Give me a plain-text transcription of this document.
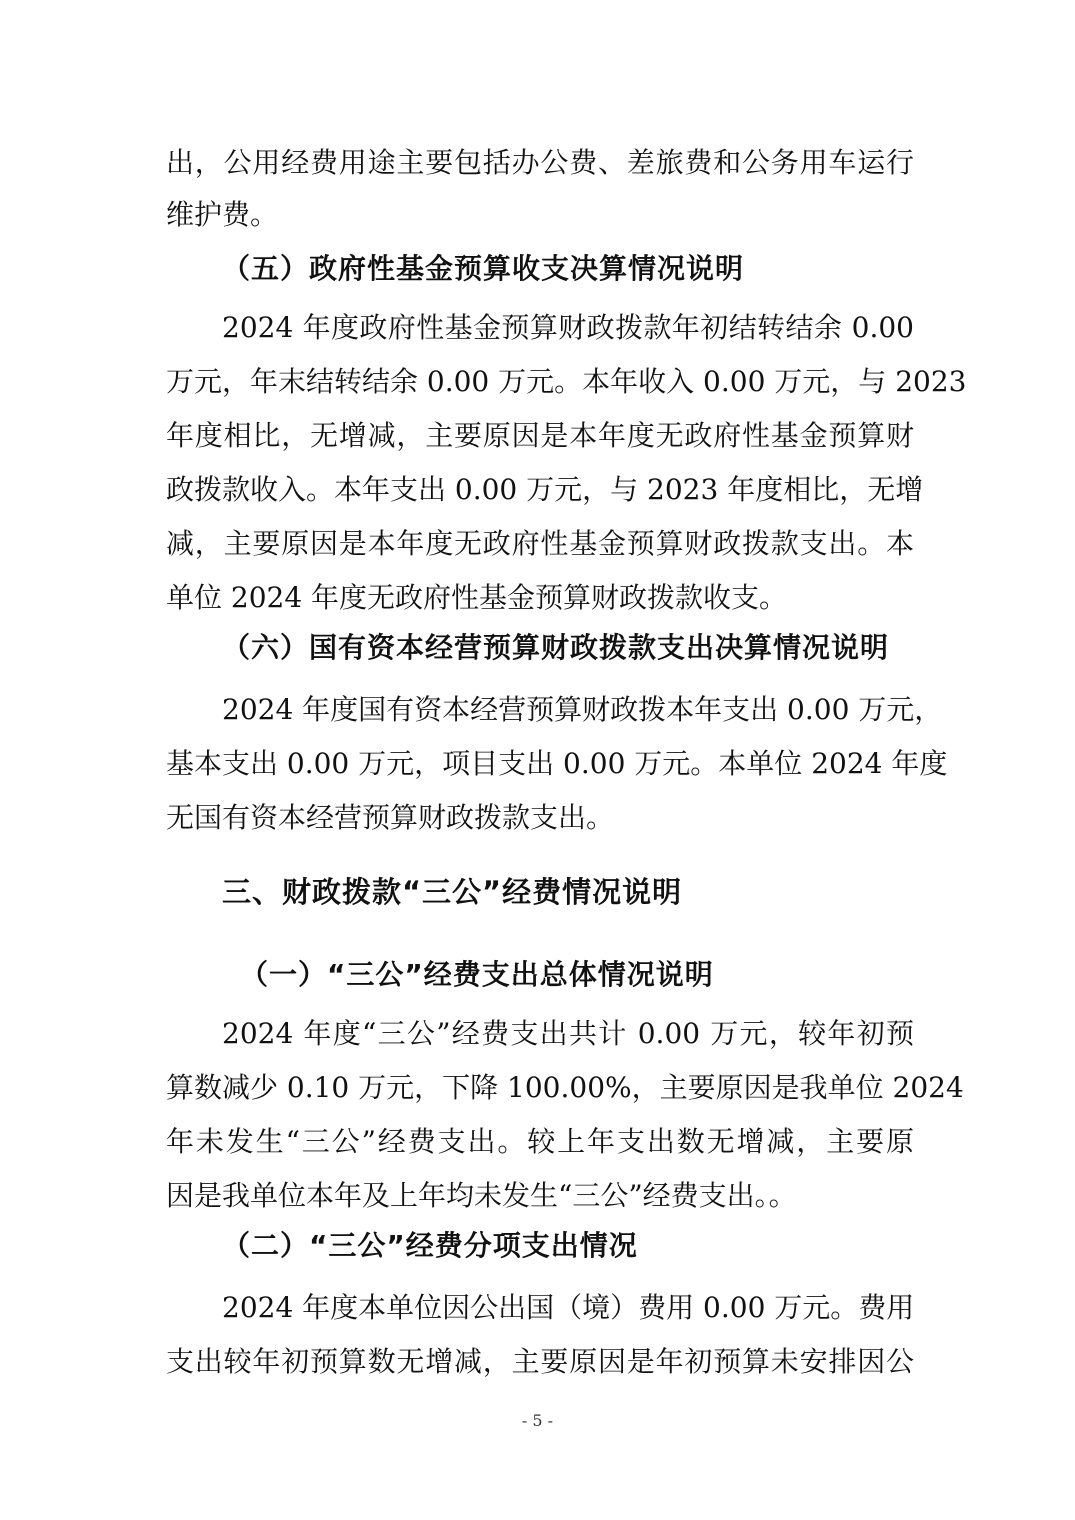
出，公用经费用途主要包括办公费、差旅费和公务用车运行
维护费。
（五）政府性基金预算收支决算情况说明
2024 年度政府性基金预算财政拨款年初结转结余 0.00
万元，年末结转结余 0.00 万元。本年收入 0.00 万元，与 2023
年度相比，无增减，主要原因是本年度无政府性基金预算财
政拨款收入。本年支出 0.00 万元，与 2023 年度相比，无增
减，主要原因是本年度无政府性基金预算财政拨款支出。本
单位 2024 年度无政府性基金预算财政拨款收支。
（六）国有资本经营预算财政拨款支出决算情况说明
2024 年度国有资本经营预算财政拨本年支出 0.00 万元，
基本支出 0.00 万元，项目支出 0.00 万元。本单位 2024 年度
无国有资本经营预算财政拨款支出。
三、财政拨款“三公”经费情况说明
（一）“三公”经费支出总体情况说明
2024 年度“三公”经费支出共计 0.00 万元，较年初预
算数减少 0.10 万元，下降 100.00%，主要原因是我单位 2024
年未发生“三公”经费支出。较上年支出数无增减，主要原
因是我单位本年及上年均未发生“三公”经费支出。。
（二）“三公”经费分项支出情况
2024 年度本单位因公出国（境）费用 0.00 万元。费用
支出较年初预算数无增减，主要原因是年初预算未安排因公
- 5 -
